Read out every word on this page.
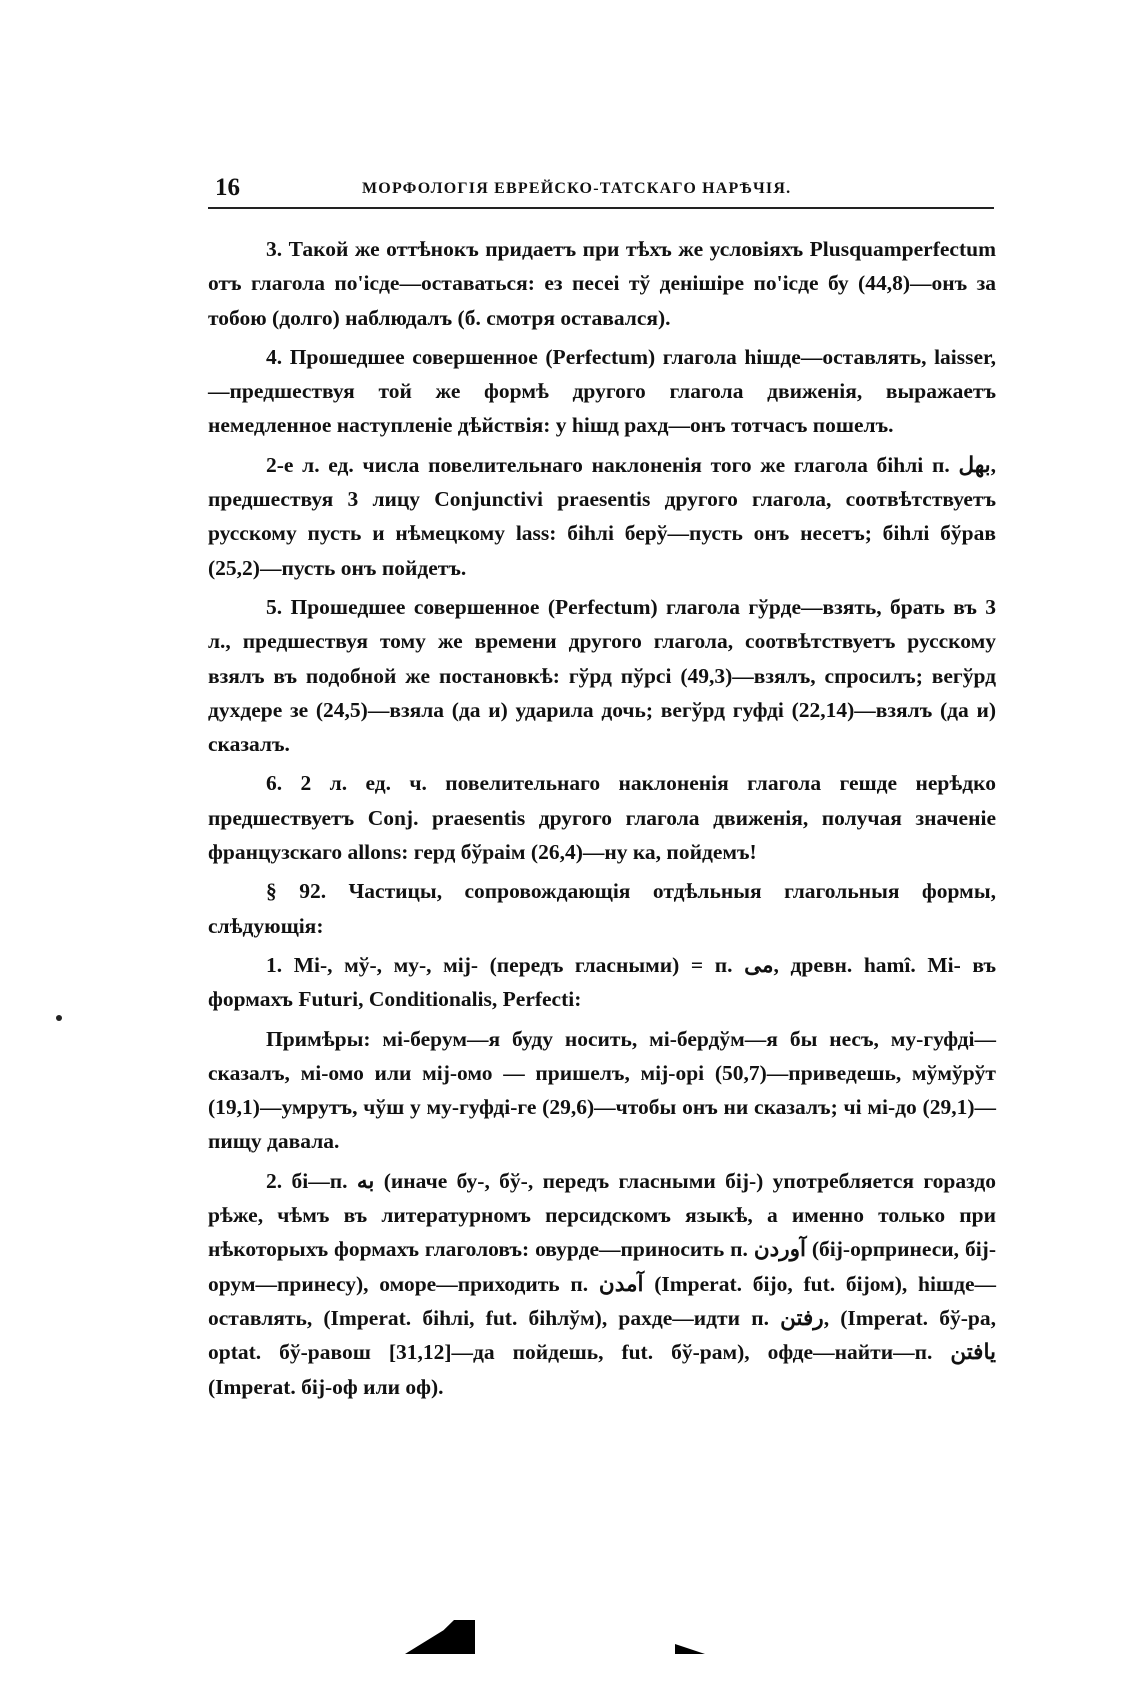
16	МОРФОЛОГІЯ ЕВРЕЙСКО-ТАТСКАГО НАРѢЧІЯ.

3. Такой же оттѣнокъ придаетъ при тѣхъ же условіяхъ Plusquamperfectum отъ глагола по'ісде—оставаться: ез песеі тў денішіре по'ісде бу (44,8)—онъ за тобою (долго) наблюдалъ (б. смотря оставался).

4. Прошедшее совершенное (Perfectum) глагола hішде—оставлять, laisser,—предшествуя той же формѣ другого глагола движенія, выражаетъ немедленное наступленіе дѣйствія: у hішд рахд—онъ тотчасъ пошелъ.

2-е л. ед. числа повелительнаго наклоненія того же глагола біhлі п. بهل, предшествуя 3 лицу Conjunctivi praesentis другого глагола, соотвѣтствуетъ русскому пусть и нѣмецкому lass: біhлі берў—пусть онъ несетъ; біhлі бўрав (25,2)—пусть онъ пойдетъ.

5. Прошедшее совершенное (Perfectum) глагола гўрде—взять, брать въ 3 л., предшествуя тому же времени другого глагола, соотвѣтствуетъ русскому взялъ въ подобной же постановкѣ: гўрд пўрсі (49,3)—взялъ, спросилъ; вегўрд духдере зе (24,5)—взяла (да и) ударила дочь; вегўрд гуфді (22,14)—взялъ (да и) сказалъ.

6. 2 л. ед. ч. повелительнаго наклоненія глагола гешде нерѣдко предшествуетъ Conj. praesentis другого глагола движенія, получая значеніе французскаго allons: герд бўраім (26,4)—ну ка, пойдемъ!

§ 92. Частицы, сопровождающія отдѣльныя глагольныя формы, слѣдующія:

1. Мі-, мў-, му-, мiј- (передъ гласными) = п. مى, древн. hamî. Мі- въ формахъ Futuri, Conditionalis, Perfecti:

Примѣры: мі-берум—я буду носить, мі-бердўм—я бы несъ, му-гуфді—сказалъ, мі-омо или мiј-омо — пришелъ, мiј-орі (50,7)—приведешь, мўмўрўт (19,1)—умрутъ, чўш у му-гуфді-ге (29,6)—чтобы онъ ни сказалъ; чі мі-до (29,1)—пищу давала.

2. бі—п. به (иначе бу-, бў-, передъ гласными бiј-) употребляется гораздо рѣже, чѣмъ въ литературномъ персидскомъ языкѣ, а именно только при нѣкоторыхъ формахъ глаголовъ: овурде—приносить п. آوردن (бiј-орпринеси, бiј-орум—принесу), оморе—приходить п. آمدن (Imperat. біјо, fut. біјом), hішде—оставлять, (Imperat. біhлі, fut. біhлўм), рахде—идти п. رفتن, (Imperat. бў-ра, optat. бў-равош [31,12]—да пойдешь, fut. бў-рам), офде—найти—п. يافتن (Imperat. бiј-оф или оф).
